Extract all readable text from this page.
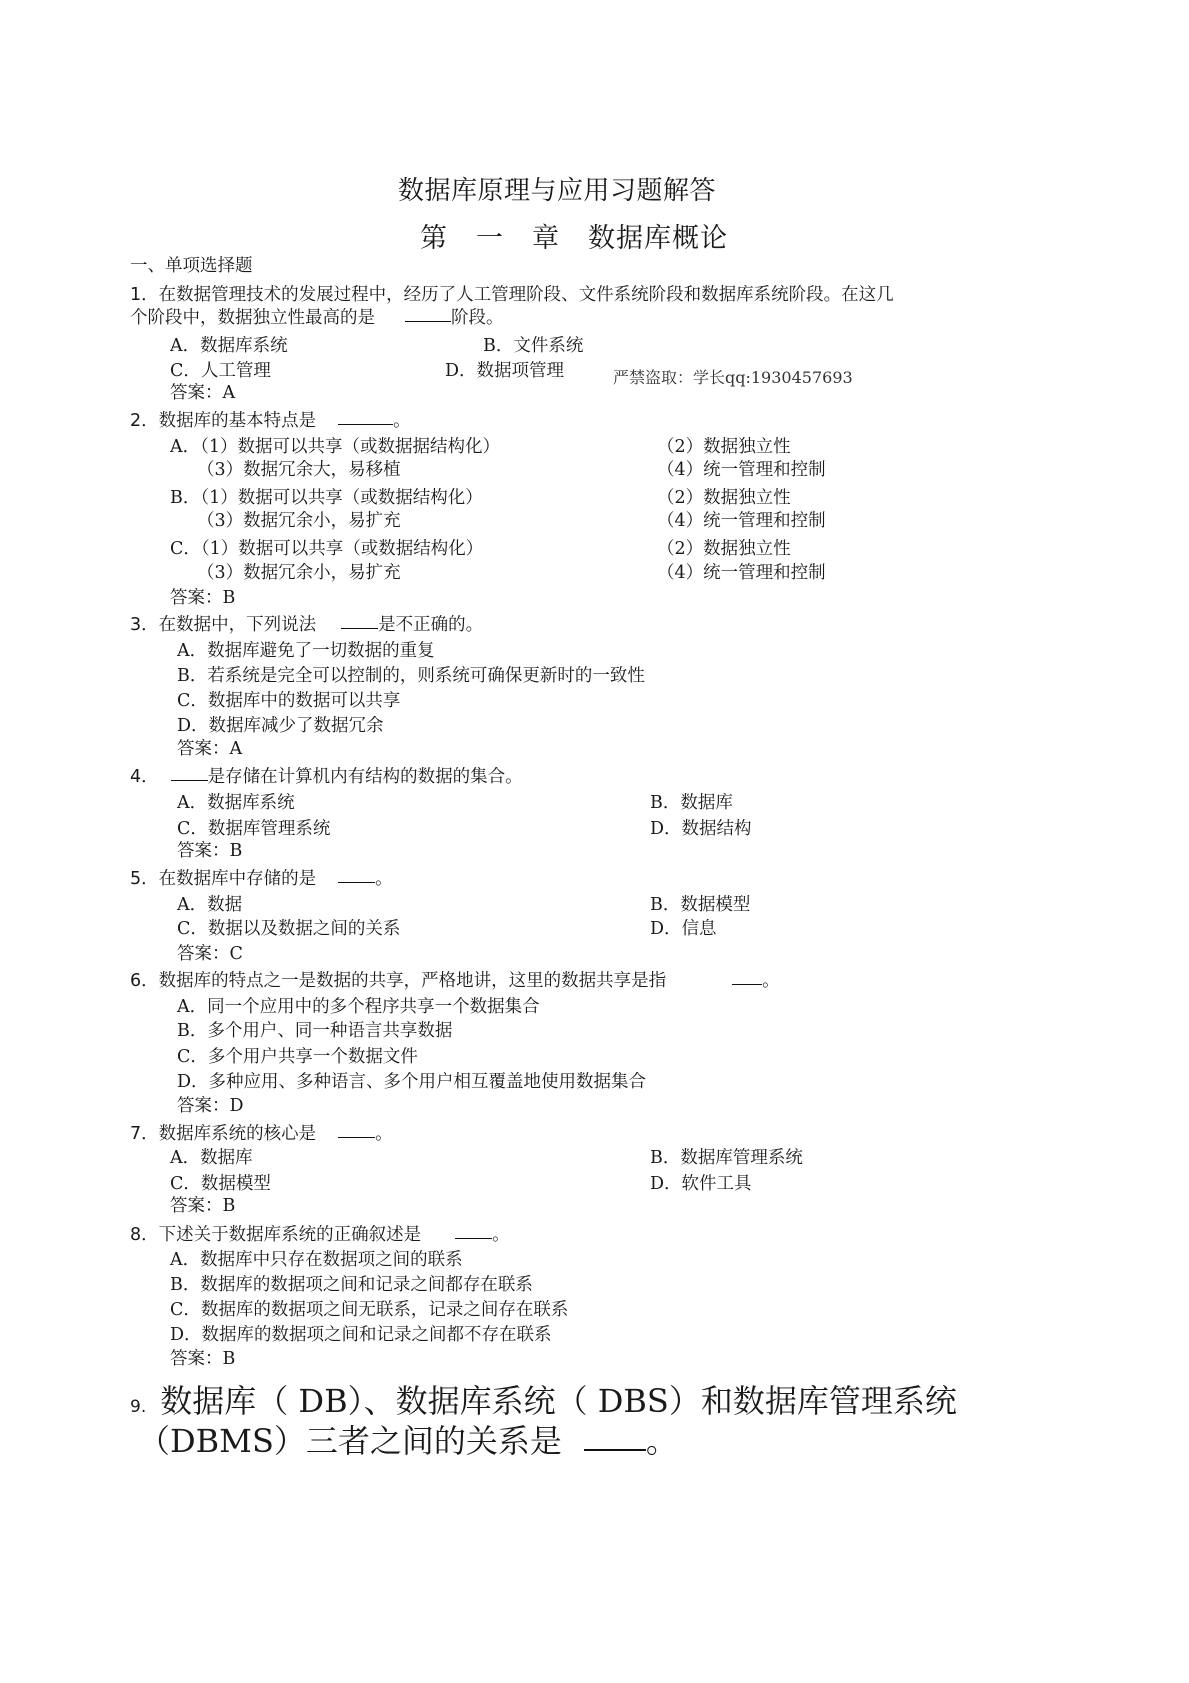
数据库原理与应用习题解答
第　一　章　数据库概论
一、单项选择题
1．在数据管理技术的发展过程中，经历了人工管理阶段、文件系统阶段和数据库系统阶段。在这几
个阶段中，数据独立性最高的是	阶段。
A．数据库系统	B．文件系统
C．人工管理	D．数据项管理	严禁盗取：学长qq:1930457693
答案：A
2．数据库的基本特点是	。
A．（1）数据可以共享（或数据据结构化）	（2）数据独立性
（3）数据冗余大，易移植	（4）统一管理和控制
B．（1）数据可以共享（或数据结构化）	（2）数据独立性
（3）数据冗余小，易扩充	（4）统一管理和控制
C．（1）数据可以共享（或数据结构化）	（2）数据独立性
（3）数据冗余小，易扩充	（4）统一管理和控制
答案：B
3．在数据中，下列说法	是不正确的。
A．数据库避免了一切数据的重复
B．若系统是完全可以控制的，则系统可确保更新时的一致性
C．数据库中的数据可以共享
D．数据库减少了数据冗余
答案：A
4．	是存储在计算机内有结构的数据的集合。
A．数据库系统	B．数据库
C．数据库管理系统	D．数据结构
答案：B
5．在数据库中存储的是	。
A．数据	B．数据模型
C．数据以及数据之间的关系	D．信息
答案：C
6．数据库的特点之一是数据的共享，严格地讲，这里的数据共享是指	。
A．同一个应用中的多个程序共享一个数据集合
B．多个用户、同一种语言共享数据
C．多个用户共享一个数据文件
D．多种应用、多种语言、多个用户相互覆盖地使用数据集合
答案：D
7．数据库系统的核心是	。
A．数据库	B．数据库管理系统
C．数据模型	D．软件工具
答案：B
8．下述关于数据库系统的正确叙述是	。
A．数据库中只存在数据项之间的联系
B．数据库的数据项之间和记录之间都存在联系
C．数据库的数据项之间无联系，记录之间存在联系
D．数据库的数据项之间和记录之间都不存在联系
答案：B
9. 数据库（ DB）、数据库系统（ DBS）和数据库管理系统
（DBMS）三者之间的关系是	。
